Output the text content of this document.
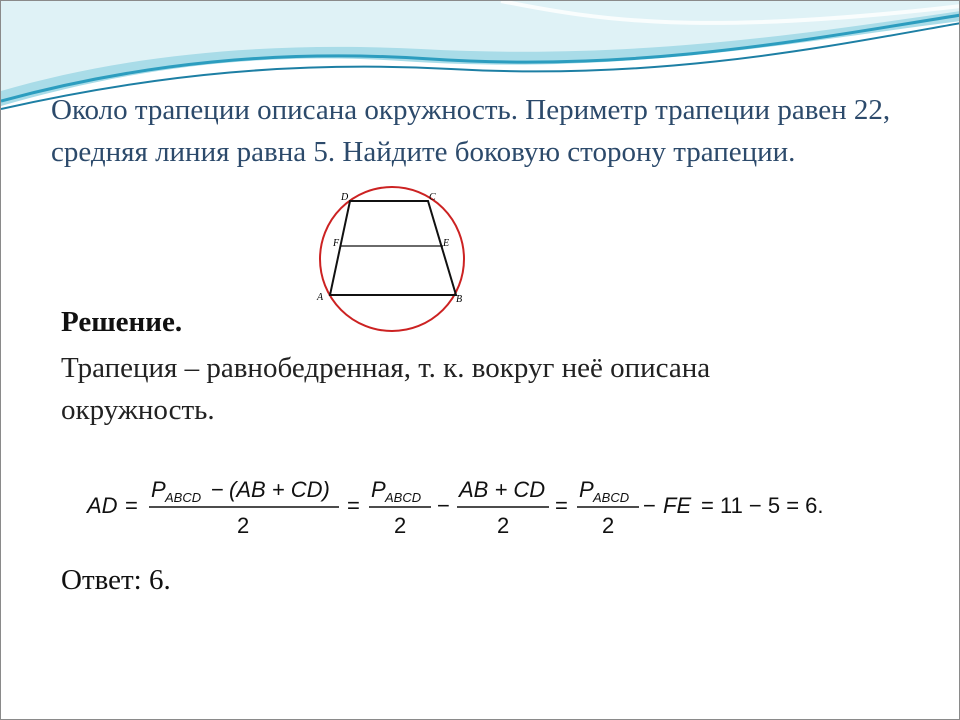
Около трапеции описана окружность. Периметр трапеции равен 22, средняя линия равна 5. Найдите боковую сторону трапеции.
D	C
F	E
A	B
Решение.
Трапеция – равнобедренная, т. к. вокруг неё описана окружность.
AD =
P ABCD − (AB + CD)
2
=
P ABCD
2
−
AB + CD
2
=
P ABCD
2
− FE = 11 − 5 = 6.
Ответ: 6.
